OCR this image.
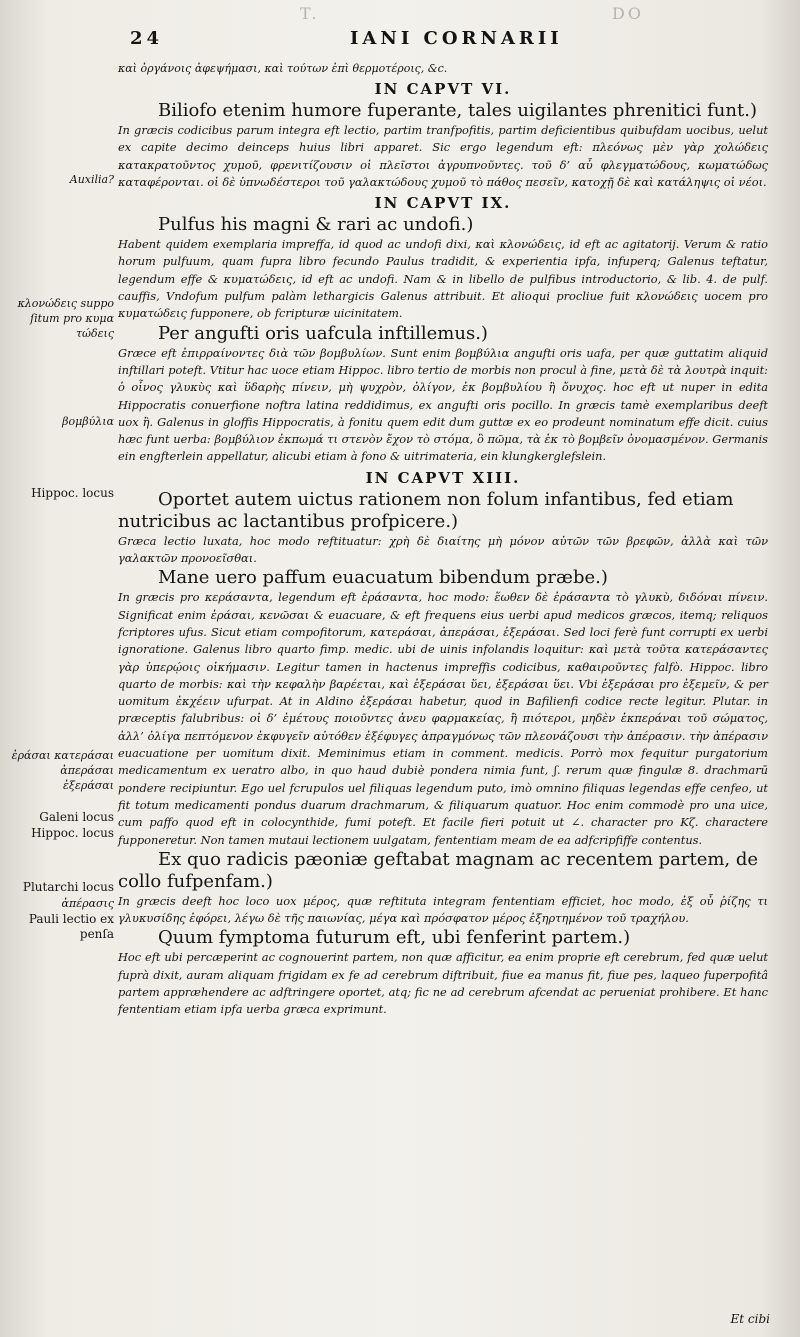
T.	DO
24	IANI CORNARII
Auxilia?
κλονώδεις suppo ſitum pro κυμα τώδεις
βομβύλια
Hippoc. locus
ἐράσαι κατεράσαι ἀπεράσαι ἐξεράσαι
Galeni locus
Hippoc. locus
Plutarchi locus
ἀπέρασις
Pauli lectio ex penſa

καὶ ὀργάνοις ἀφεψήμασι, καὶ τούτων ἐπὶ θερμοτέροις, &c.

IN CAPVT VI.

Biliofo etenim humore fuperante, tales uigilantes phrenitici funt.)

In græcis codicibus parum integra eft lectio, partim tranfpofitis, partim deficientibus quibufdam uocibus, uelut ex capite decimo deinceps huius libri apparet. Sic ergo legendum eft: πλεόνως μὲν γὰρ χολώδεις κατακρατοῦντος χυμοῦ, φρενιτίζουσιν οἱ πλεῖστοι ἀγρυπνοῦντες. τοῦ δ’ αὖ φλεγματώδους, κωματώδως καταφέρονται. οἱ δὲ ὑπνωδέστεροι τοῦ γαλακτώδους χυμοῦ τὸ πάθος πεσεῖν, κατοχῇ δὲ καὶ κατάληψις οἱ νέοι.

IN CAPVT IX.

Pulfus his magni & rari ac undofi.)

Habent quidem exemplaria impreffa, id quod ac undofi dixi, καὶ κλονώδεις, id eft ac agitatorij. Verum & ratio horum pulfuum, quam fupra libro fecundo Paulus tradidit, & experientia ipfa, infuperq; Galenus teftatur, legendum effe & κυματώδεις, id eft ac undofi. Nam & in libello de pulfibus introductorio, & lib. 4. de pulf. cauffis, Vndofum pulfum palàm lethargicis Galenus attribuit. Et alioqui procliue fuit κλονώδεις uocem pro κυματώδεις fupponere, ob fcripturæ uicinitatem.

Per angufti oris uafcula inftillemus.)

Græce eft ἐπιρραίνοντες διὰ τῶν βομβυλίων. Sunt enim βομβύλια angufti oris uafa, per quæ guttatim aliquid inftillari poteft. Vtitur hac uoce etiam Hippoc. libro tertio de morbis non procul à fine, μετὰ δὲ τὰ λουτρὰ inquit: ὁ οἶνος γλυκὺς καὶ ὕδαρὴς πίνειν, μὴ ψυχρὸν, ὀλίγον, ἐκ βομβυλίου ἢ ὄνυχος. hoc eft ut nuper in edita Hippocratis conuerfione noftra latina reddidimus, ex angufti oris pocillo. In græcis tamè exemplaribus deeft uox ἢ. Galenus in gloffis Hippocratis, à fonitu quem edit dum guttæ ex eo prodeunt nominatum effe dicit. cuius hæc funt uerba: βομβύλιον ἐκπωμά τι στενὸν ἔχον τὸ στόμα, ὃ πῶμα, τὰ ἐκ τὸ βομβεῖν ὀνομασμένον. Germanis ein engfterlein appellatur, alicubi etiam à fono & uitrimateria, ein klungkerglefslein.

IN CAPVT XIII.

Oportet autem uictus rationem non folum infantibus, fed etiam nutricibus ac lactantibus profpicere.)

Græca lectio luxata, hoc modo reftituatur: χρὴ δὲ διαίτης μὴ μόνον αὐτῶν τῶν βρεφῶν, ἀλλὰ καὶ τῶν γαλακτῶν προνοεῖσθαι.

Mane uero paffum euacuatum bibendum præbe.)

In græcis pro κεράσαντα, legendum eft ἐράσαντα, hoc modo: ἕωθεν δὲ ἐράσαντα τὸ γλυκὺ, διδόναι πίνειν. Significat enim ἐράσαι, κενῶσαι & euacuare, & eft frequens eius uerbi apud medicos græcos, itemq; reliquos fcriptores ufus. Sicut etiam compofitorum, κατεράσαι, ἀπεράσαι, ἐξεράσαι. Sed loci ferè funt corrupti ex uerbi ignoratione. Galenus libro quarto fimp. medic. ubi de uinis infolandis loquitur: καὶ μετὰ τοῦτα κατεράσαντες γὰρ ὑπερῴοις οἰκήμασιν. Legitur tamen in hactenus impreffis codicibus, καθαιροῦντες falfò. Hippoc. libro quarto de morbis: καὶ τὴν κεφαλὴν βαρέεται, καὶ ἐξεράσαι ὕει, ἐξεράσαι ὕει. Vbi ἐξεράσαι pro ἐξεμεῖν, & per uomitum ἐκχέειν ufurpat. At in Aldino ἐξεράσαι habetur, quod in Bafilienfi codice recte legitur. Plutar. in præceptis falubribus: οἱ δ’ ἐμέτους ποιοῦντες ἀνευ φαρμακείας, ἢ πιότεροι, μηδὲν ἐκπεράναι τοῦ σώματος, ἀλλ’ ὀλίγα πεπτόμενον ἐκφυγεῖν αὐτόθεν ἐξέφυγες ἀπραγμόνως τῶν πλεονάζουσι τὴν ἀπέρασιν. τὴν ἀπέρασιν euacuatione per uomitum dixit. Meminimus etiam in comment. medicis. Porrò mox fequitur purgatorium medicamentum ex ueratro albo, in quo haud dubiè pondera nimia funt, ʃ. rerum quæ fingulæ 8. drachmarū pondere recipiuntur. Ego uel fcrupulos uel filiquas legendum puto, imò omnino filiquas legendas effe cenfeo, ut fit totum medicamenti pondus duarum drachmarum, & filiquarum quatuor. Hoc enim commodè pro una uice, cum paffo quod eft in colocynthide, fumi poteft. Et facile fieri potuit ut ∠. character pro Κζ. charactere fupponeretur. Non tamen mutaui lectionem uulgatam, fententiam meam de ea adfcripfiffe contentus.

Ex quo radicis pæoniæ geftabat magnam ac recentem partem, de collo fufpenfam.)

In græcis deeft hoc loco uox μέρος, quæ reftituta integram fententiam efficiet, hoc modo, ἐξ οὗ ῥίζης τι γλυκυσίδης ἐφόρει, λέγω δὲ τῆς παιωνίας, μέγα καὶ πρόσφατον μέρος ἐξηρτημένον τοῦ τραχήλου.

Quum fymptoma futurum eft, ubi fenferint partem.)

Hoc eft ubi percæperint ac cognouerint partem, non quæ afficitur, ea enim proprie eft cerebrum, fed quæ uelut fuprà dixit, auram aliquam frigidam ex fe ad cerebrum diftribuit, fiue ea manus fit, fiue pes, laqueo fuperpofitâ partem appræhendere ac adftringere oportet, atq; fic ne ad cerebrum afcendat ac perueniat prohibere. Et hanc fententiam etiam ipfa uerba græca exprimunt.

Et cibi
